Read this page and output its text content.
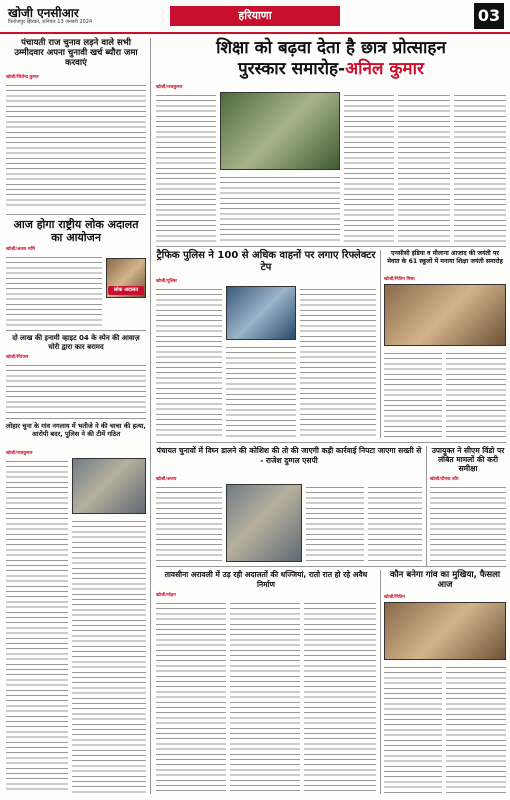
खोजी एनसीआर
फिरोजपुर झिरका, शनिवार 13 जनवरी 2024	हरियाणा	03
पंचायती राज चुनाव लड़ने वाले सभी उम्मीदवार अपना चुनावी खर्च ब्यौरा जमा करवाएं
खोजी/जितेन्द्र कुमार
आज होगा राष्ट्रीय लोक अदालत का आयोजन
खोजी/अजय मणि
लोक अदालत
दो लाख की इनामी व्हाइट 04 के स्पेन की आवाज़ चोरी द्वारा कार बरामद
खोजी/निरंजन
लोहार चुना के गांव नगलाय में भतीजे ने की चाचा की हत्या, आरोपी बदर, पुलिस ने की टीमें गठित
खोजी/राजकुमार
शिक्षा को बढ़वा देता है छात्र प्रोत्साहन
पुरस्कार समारोह-अनिल कुमार
खोजी/राजकुमार
ट्रैफिक पुलिस ने 100 से अधिक वाहनों पर लगाए रिफ्लेक्टर टेप
खोजी/पुलिस
एनसीसी इंडिया व मौलाना आजाद की जयंती पर मेवात के 61 स्कूलों में मनाया शिक्षा जयंती समारोह
खोजी/नितिन मिश्रा
पंचायत चुनावों में विघ्न डालने की कोशिश की तो की जाएगी कड़ी कार्रवाई निपटा जाएगा सख्ती से - राजेश दुग्गल एसपी
खोजी/अजय
उपायुक्त ने सीएम विंडो पर लंबित मामलों की करी समीक्षा
खोजी/दीपक कौर
तावसीना अरावली में उड़ रही अदालतों की धज्जियां, रातो रात हो रहे अवैध निर्माण
खोजी/मोहन
कौन बनेगा गांव का मुखिया, फैसला आज
खोजी/नितिन
